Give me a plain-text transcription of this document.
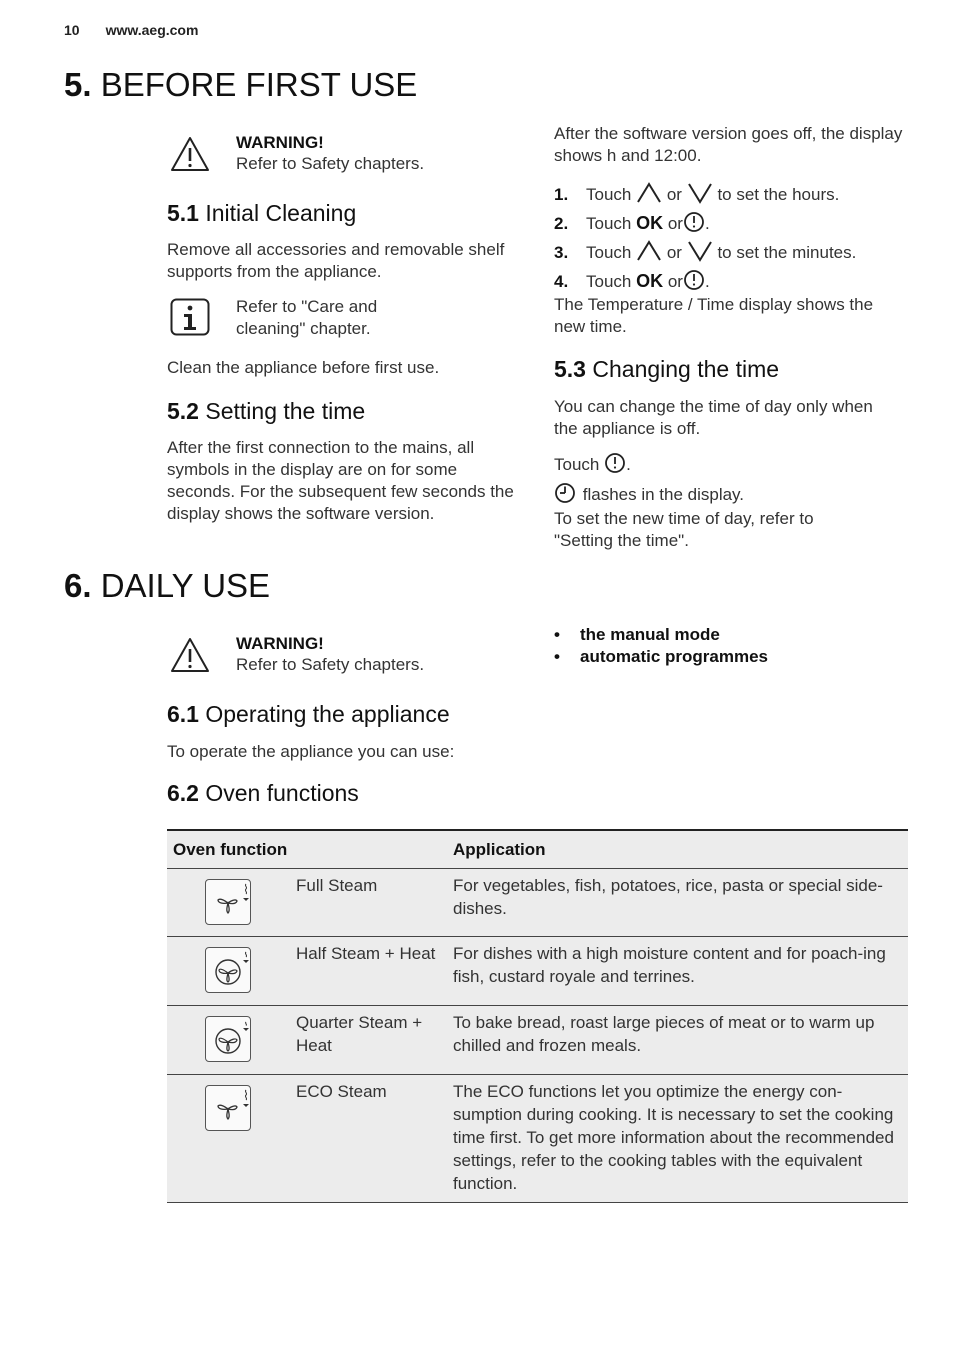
10 www.aeg.com
5. BEFORE FIRST USE
WARNING!

Refer to Safety chapters.

5.1 Initial Cleaning

Remove all accessories and removable shelf supports from the appliance.

Refer to "Care and cleaning" chapter.

Clean the appliance before first use.

5.2 Setting the time

After the first connection to the mains, all symbols in the display are on for some seconds. For the subsequent few seconds the display shows the software version.

After the software version goes off, the display shows h and 12:00.

1. Touch or to set the hours.
2. Touch OK or .
3. Touch or to set the minutes.
4. Touch OK or .

The Temperature / Time display shows the new time.

5.3 Changing the time

You can change the time of day only when the appliance is off.

Touch .

flashes in the display.

To set the new time of day, refer to "Setting the time".

6. DAILY USE
WARNING!

Refer to Safety chapters.

• the manual mode
• automatic programmes
6.1 Operating the appliance

To operate the appliance you can use:

6.2 Oven functions
Oven function		Application

	Full Steam	For vegetables, fish, potatoes, rice, pasta or special side-dishes.

	Half Steam + Heat	For dishes with a high moisture content and for poach-ing fish, custard royale and terrines.

	Quarter Steam + Heat	To bake bread, roast large pieces of meat or to warm up chilled and frozen meals.

	ECO Steam	The ECO functions let you optimize the energy con-sumption during cooking. It is necessary to set the cooking time first. To get more information about the recommended settings, refer to the cooking tables with the equivalent function.
